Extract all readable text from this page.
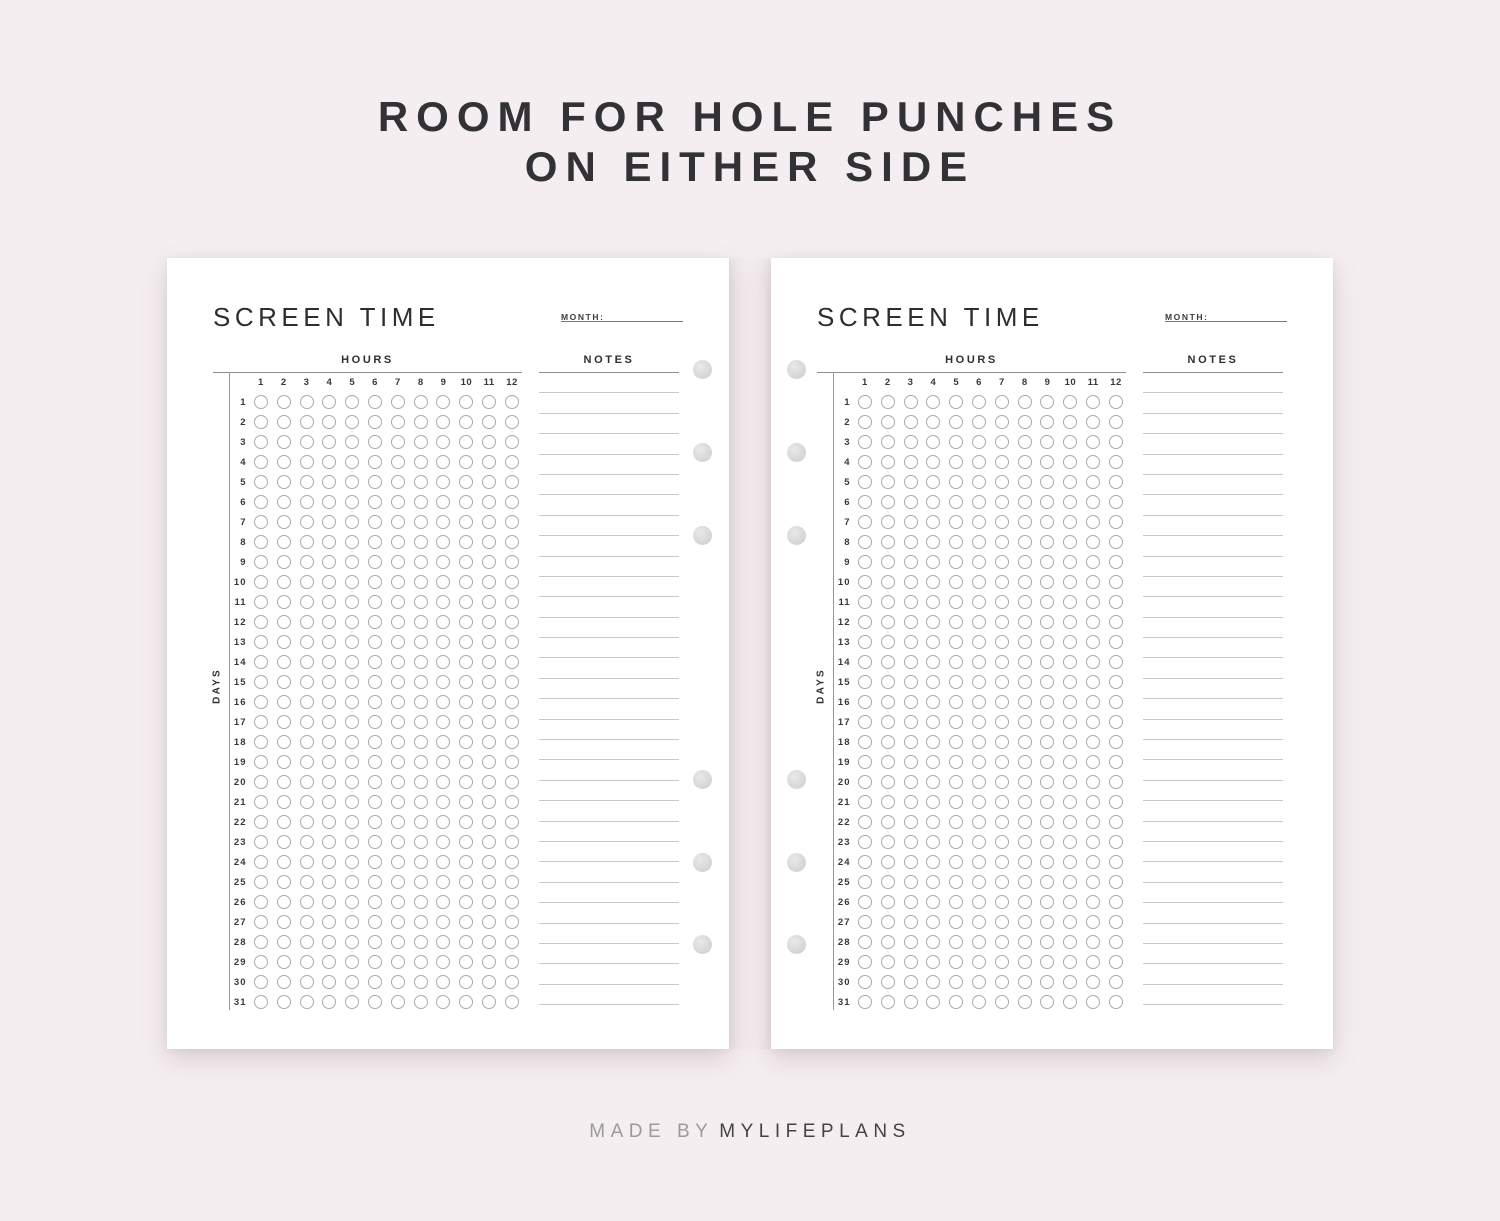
ROOM FOR HOLE PUNCHES
ON EITHER SIDE
SCREEN TIME	MONTH:
HOURS
DAYS
1	2	3	4	5	6	7	8	9	10	11	12
1
2
3
4
5
6
7
8
9
10
11
12
13
14
15
16
17
18
19
20
21
22
23
24
25
26
27
28
29
30
31
NOTES
SCREEN TIME	MONTH:
HOURS
DAYS
1	2	3	4	5	6	7	8	9	10	11	12
1
2
3
4
5
6
7
8
9
10
11
12
13
14
15
16
17
18
19
20
21
22
23
24
25
26
27
28
29
30
31
NOTES
MADE BY MYLIFEPLANS
